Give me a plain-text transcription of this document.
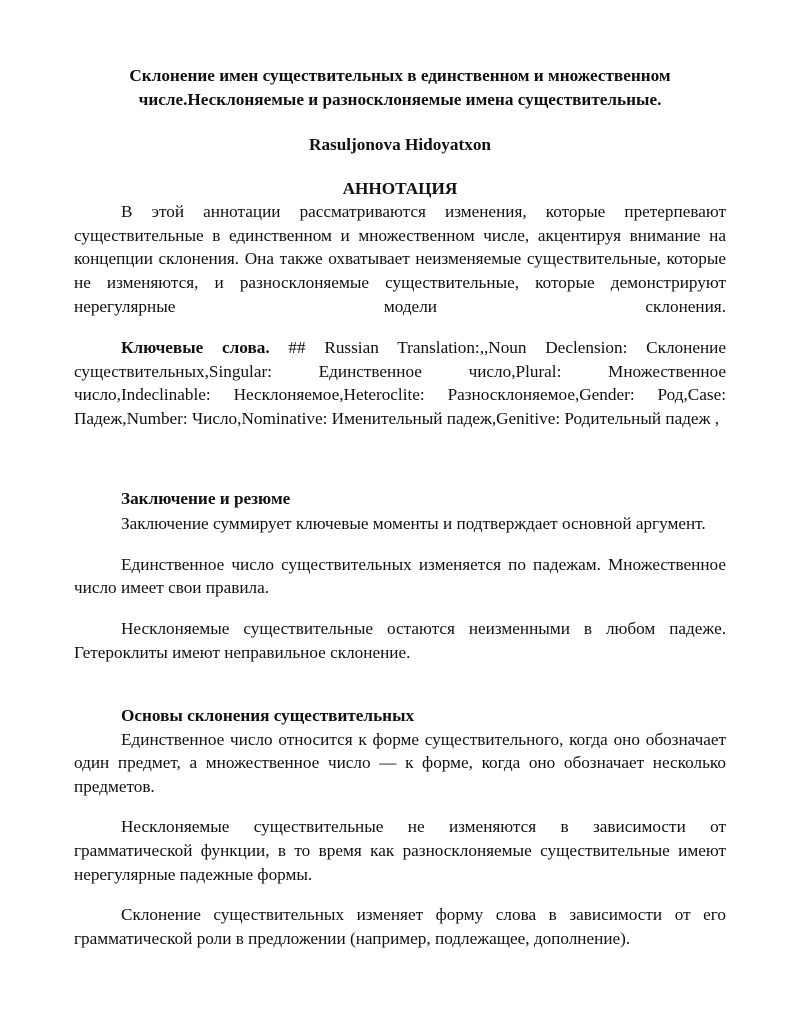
Склонение имен существительных в единственном и множественном числе.Несклоняемые и разносклоняемые имена существительные.
Rasuljonova Hidoyatxon
АННОТАЦИЯ

В этой аннотации рассматриваются изменения, которые претерпевают существительные в единственном и множественном числе, акцентируя внимание на концепции склонения. Она также охватывает неизменяемые существительные, которые не изменяются, и разносклоняемые существительные, которые демонстрируют нерегулярные модели склонения.

Ключевые слова. ## Russian Translation:,,Noun Declension: Склонение существительных,Singular: Единственное число,Plural: Множественное число,Indeclinable: Несклоняемое,Heteroclite: Разносклоняемое,Gender: Род,Case: Падеж,Number: Число,Nominative: Именительный падеж,Genitive: Родительный падеж ,

Заключение и резюме

Заключение суммирует ключевые моменты и подтверждает основной аргумент.

Единственное число существительных изменяется по падежам. Множественное число имеет свои правила.

Несклоняемые существительные остаются неизменными в любом падеже. Гетероклиты имеют неправильное склонение.

Основы склонения существительных

Единственное число относится к форме существительного, когда оно обозначает один предмет, а множественное число — к форме, когда оно обозначает несколько предметов.

Несклоняемые существительные не изменяются в зависимости от грамматической функции, в то время как разносклоняемые существительные имеют нерегулярные падежные формы.

Склонение существительных изменяет форму слова в зависимости от его грамматической роли в предложении (например, подлежащее, дополнение).
